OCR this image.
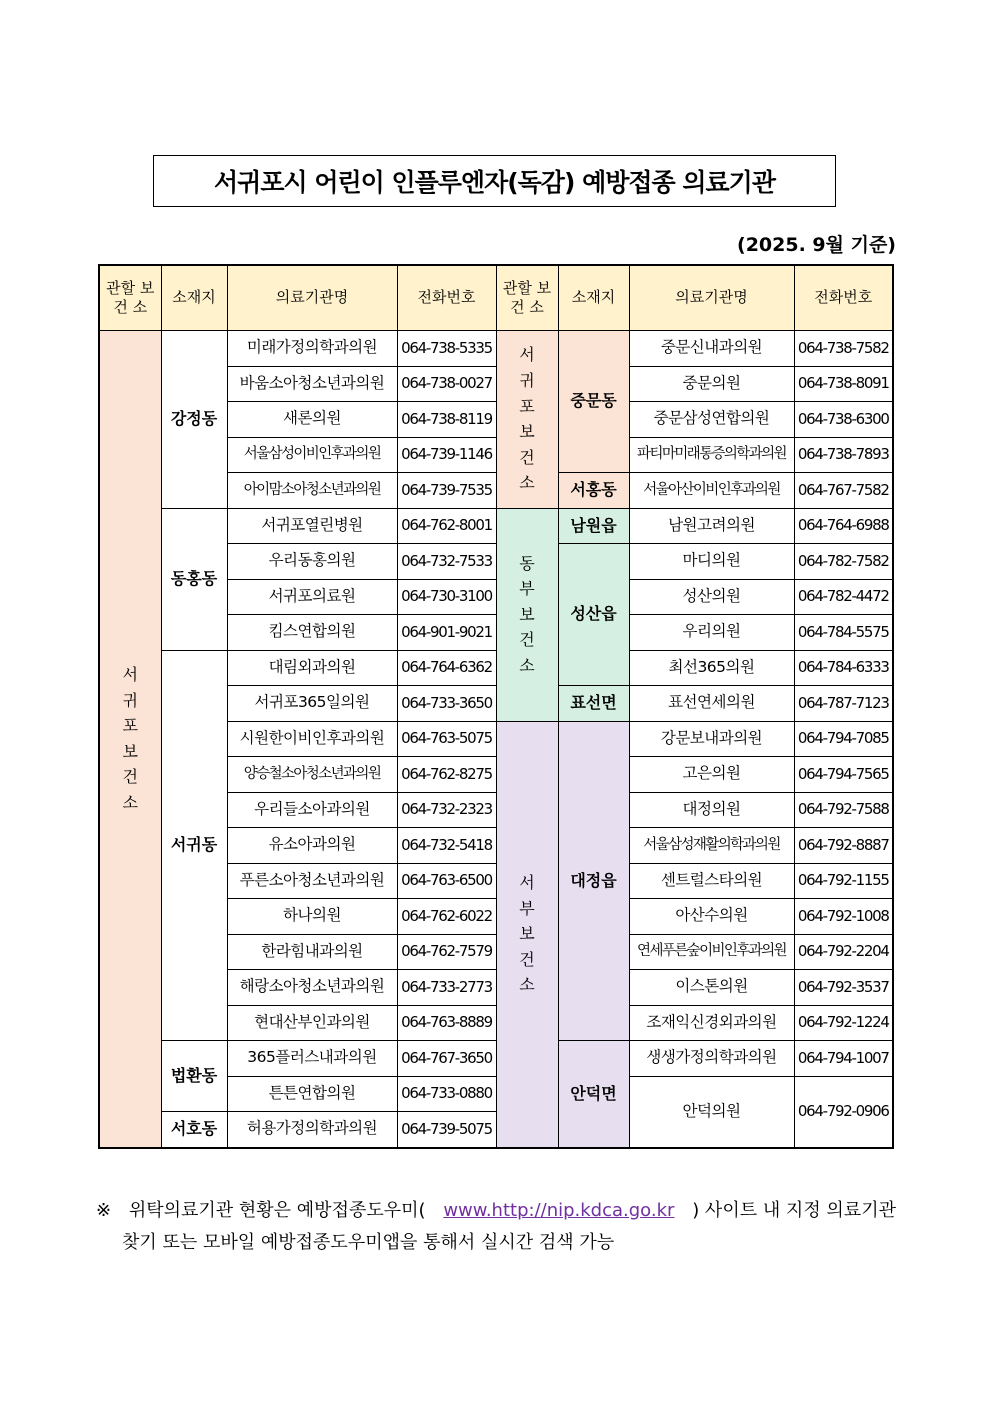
서귀포시 어린이 인플루엔자(독감) 예방접종 의료기관
(2025. 9월 기준)
관할 보건 소	소재지	의료기관명	전화번호	관할 보건 소	소재지	의료기관명	전화번호
서귀포보건소	강정동	미래가정의학과의원	064-738-5335	서귀포보건소	중문동	중문신내과의원	064-738-7582
		바움소아청소년과의원	064-738-0027			중문의원	064-738-8091
		새론의원	064-738-8119			중문삼성연합의원	064-738-6300
		서울삼성이비인후과의원	064-739-1146			파티마미래통증의학과의원	064-738-7893
		아이맘소아청소년과의원	064-739-7535		서홍동	서울아산이비인후과의원	064-767-7582
	동홍동	서귀포열린병원	064-762-8001	동부보건소	남원읍	남원고려의원	064-764-6988
		우리동홍의원	064-732-7533		성산읍	마디의원	064-782-7582
		서귀포의료원	064-730-3100			성산의원	064-782-4472
		킴스연합의원	064-901-9021			우리의원	064-784-5575
	서귀동	대림외과의원	064-764-6362			최선365의원	064-784-6333
		서귀포365일의원	064-733-3650		표선면	표선연세의원	064-787-7123
		시원한이비인후과의원	064-763-5075	서부보건소	대정읍	강문보내과의원	064-794-7085
		양승철소아청소년과의원	064-762-8275			고은의원	064-794-7565
		우리들소아과의원	064-732-2323			대정의원	064-792-7588
		유소아과의원	064-732-5418			서울삼성재활의학과의원	064-792-8887
		푸른소아청소년과의원	064-763-6500			센트럴스타의원	064-792-1155
		하나의원	064-762-6022			아산수의원	064-792-1008
		한라힘내과의원	064-762-7579			연세푸른숲이비인후과의원	064-792-2204
		해랑소아청소년과의원	064-733-2773			이스톤의원	064-792-3537
		현대산부인과의원	064-763-8889			조재익신경외과의원	064-792-1224
	법환동	365플러스내과의원	064-767-3650		안덕면	생생가정의학과의원	064-794-1007
		튼튼연합의원	064-733-0880			안덕의원	064-792-0906
	서호동	허용가정의학과의원	064-739-5075				
※ 위탁의료기관 현황은 예방접종도우미( www.http://nip.kdca.go.kr ) 사이트 내 지정 의료기관
찾기 또는 모바일 예방접종도우미앱을 통해서 실시간 검색 가능
